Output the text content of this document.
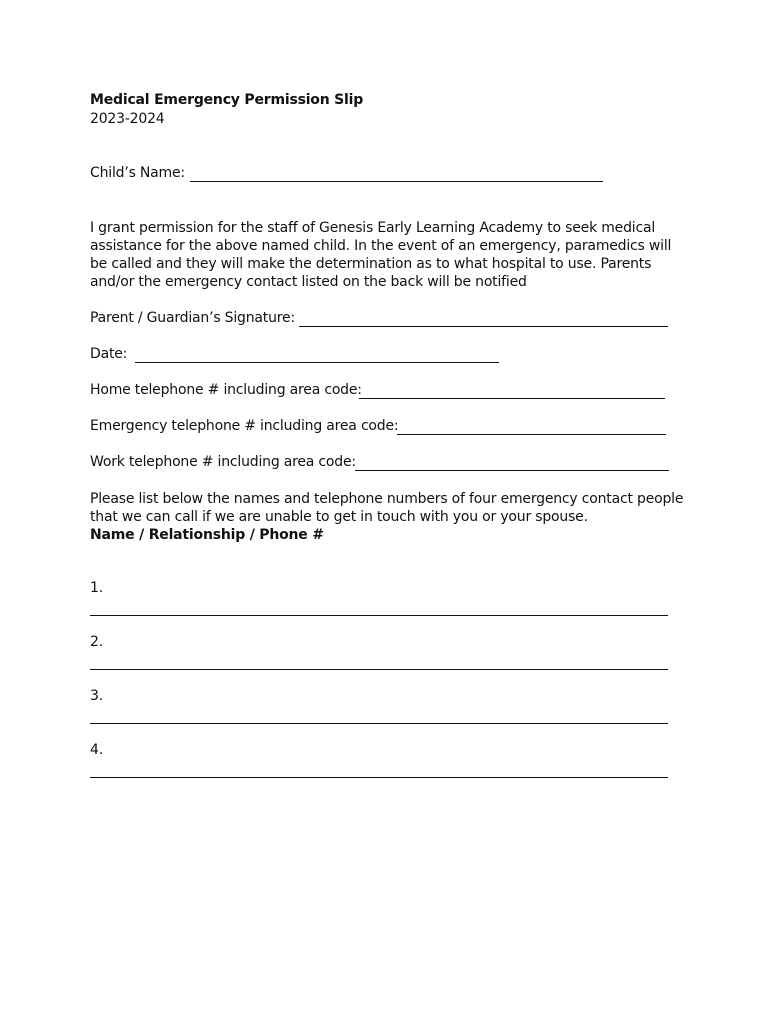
Medical Emergency Permission Slip
2023-2024
Child’s Name:
I grant permission for the staff of Genesis Early Learning Academy to seek medical assistance for the above named child. In the event of an emergency, paramedics will be called and they will make the determination as to what hospital to use. Parents and/or the emergency contact listed on the back will be notified
Parent / Guardian’s Signature:
Date:
Home telephone # including area code:
Emergency telephone # including area code:
Work telephone # including area code:
Please list below the names and telephone numbers of four emergency contact people that we can call if we are unable to get in touch with you or your spouse.
Name / Relationship / Phone #
1.
2.
3.
4.
